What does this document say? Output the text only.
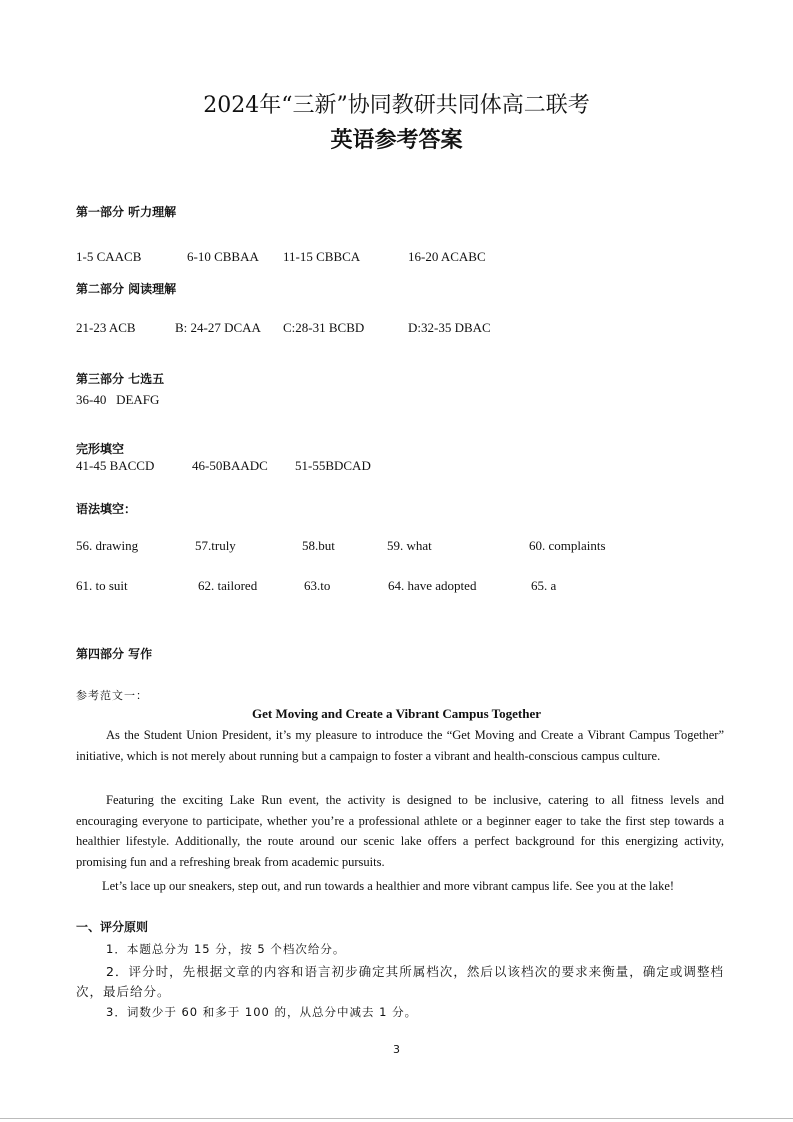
2024年“三新”协同教研共同体高二联考
英语参考答案
第一部分 听力理解
1-5 CAACB	6-10 CBBAA 11-15 CBBCA	16-20 ACABC
第二部分 阅读理解
21-23 ACB	B: 24-27 DCAA C:28-31 BCBD	D:32-35 DBAC
第三部分 七选五
36-40   DEAFG
完形填空
41-45 BACCD	46-50BAADC 51-55BDCAD
语法填空：
56. drawing	57.truly	58.but	59. what	60. complaints
61. to suit	62. tailored	63.to	64. have adopted	65. a
第四部分 写作
参考范文一：
Get Moving and Create a Vibrant Campus Together
As the Student Union President, it’s my pleasure to introduce the “Get Moving and Create a Vibrant Campus Together” initiative, which is not merely about running but a campaign to foster a vibrant and health-conscious campus culture.
Featuring the exciting Lake Run event, the activity is designed to be inclusive, catering to all fitness levels and encouraging everyone to participate, whether you’re a professional athlete or a beginner eager to take the first step towards a healthier lifestyle. Additionally, the route around our scenic lake offers a perfect background for this energizing activity, promising fun and a refreshing break from academic pursuits.
Let’s lace up our sneakers, step out, and run towards a healthier and more vibrant campus life. See you at the lake!
一、评分原则
1．本题总分为 15 分，按 5 个档次给分。
2．评分时，先根据文章的内容和语言初步确定其所属档次，然后以该档次的要求来衡量，确定或调整档次，最后给分。
3．词数少于 60 和多于 100 的，从总分中减去 1 分。
3
